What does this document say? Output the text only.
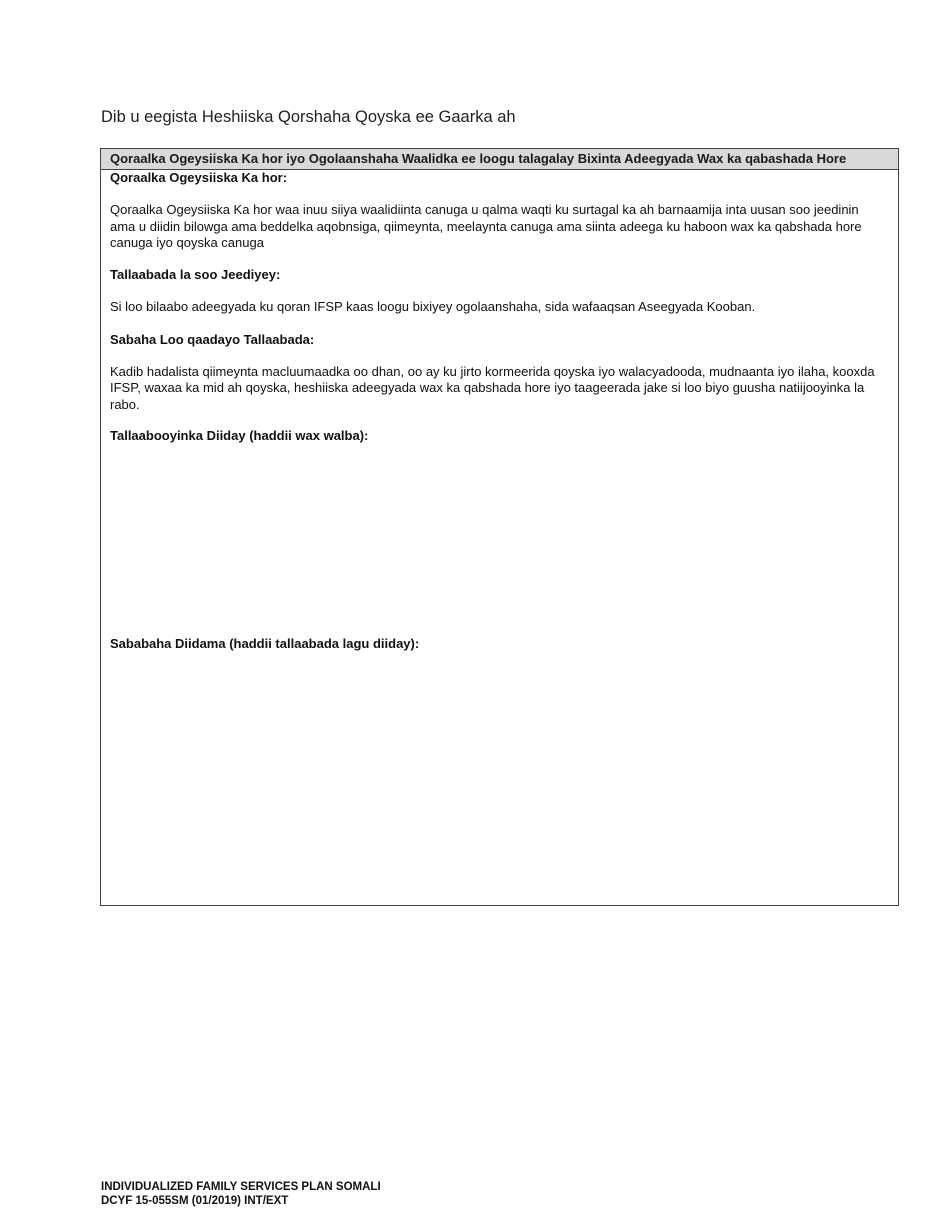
Dib u eegista Heshiiska Qorshaha Qoyska ee Gaarka ah
Qoraalka Ogeysiiska Ka hor iyo Ogolaanshaha Waalidka ee loogu talagalay Bixinta Adeegyada Wax ka qabashada Hore

Qoraalka Ogeysiiska Ka hor:

Qoraalka Ogeysiiska Ka hor waa inuu siiya waalidiinta canuga u qalma waqti ku surtagal ka ah barnaamija inta uusan soo jeedinin ama u diidin bilowga ama beddelka aqobnsiga, qiimeynta, meelaynta canuga ama siinta adeega ku haboon wax ka qabshada hore canuga iyo qoyska canuga

Tallaabada la soo Jeediyey:

Si loo bilaabo adeegyada ku qoran IFSP kaas loogu bixiyey ogolaanshaha, sida wafaaqsan Aseegyada Kooban.

Sabaha Loo qaadayo Tallaabada:

Kadib hadalista qiimeynta macluumaadka oo dhan, oo ay ku jirto kormeerida qoyska iyo walacyadooda, mudnaanta iyo ilaha, kooxda IFSP, waxaa ka mid ah qoyska, heshiiska adeegyada wax ka qabshada hore iyo taageerada jake si loo biyo guusha natiijooyinka la rabo.

Tallaabooyinka Diiday (haddii wax walba):

Sababaha Diidama (haddii tallaabada lagu diiday):

INDIVIDUALIZED FAMILY SERVICES PLAN SOMALI
DCYF 15-055SM (01/2019) INT/EXT
